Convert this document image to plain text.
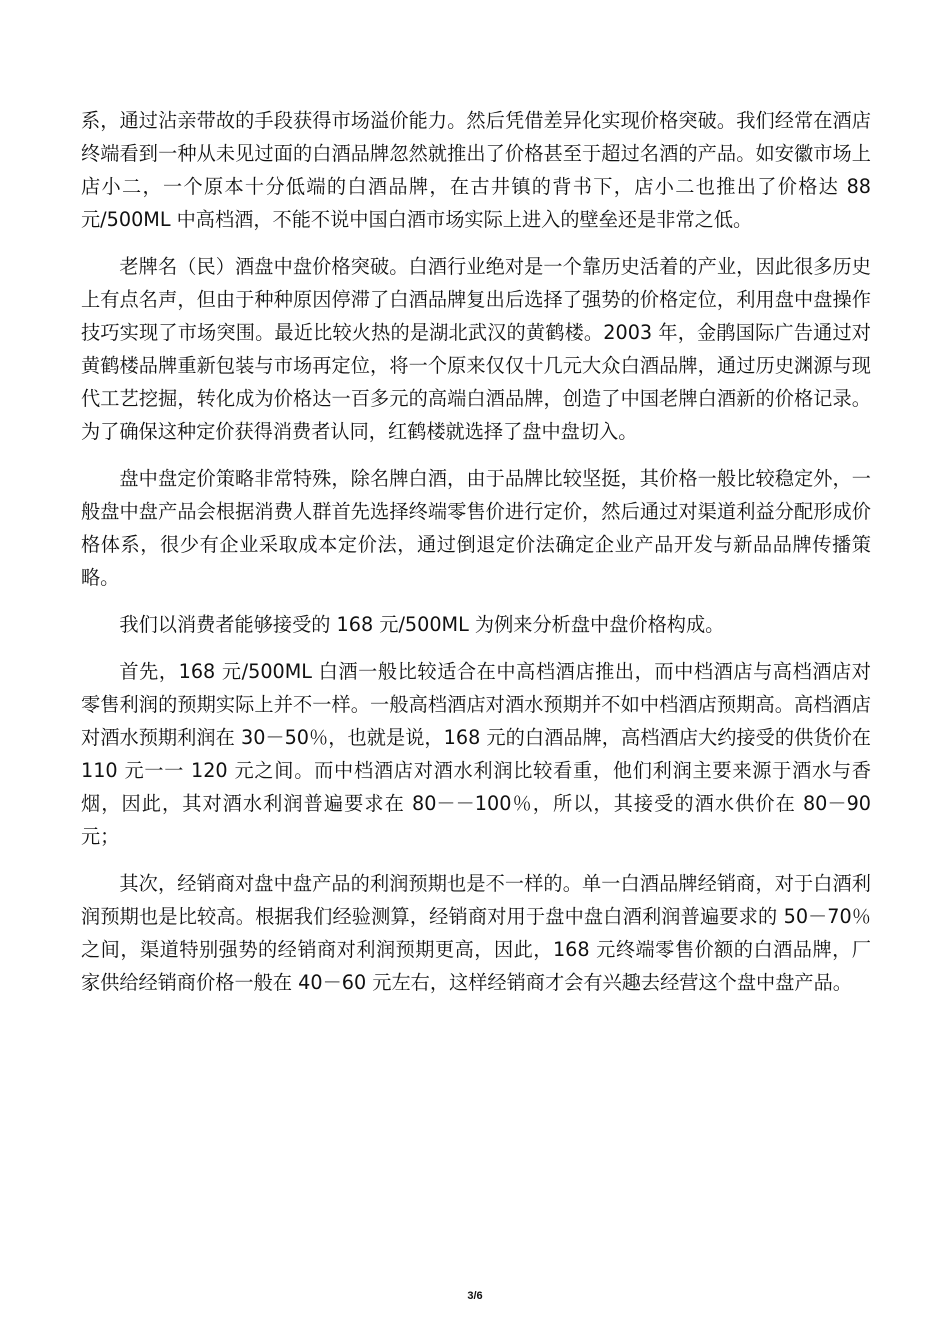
系，通过沾亲带故的手段获得市场溢价能力。然后凭借差异化实现价格突破。我们经常在酒店终端看到一种从未见过面的白酒品牌忽然就推出了价格甚至于超过名酒的产品。如安徽市场上店小二，一个原本十分低端的白酒品牌，在古井镇的背书下，店小二也推出了价格达 88 元/500ML 中高档酒，不能不说中国白酒市场实际上进入的壁垒还是非常之低。

老牌名（民）酒盘中盘价格突破。白酒行业绝对是一个靠历史活着的产业，因此很多历史上有点名声，但由于种种原因停滞了白酒品牌复出后选择了强势的价格定位，利用盘中盘操作技巧实现了市场突围。最近比较火热的是湖北武汉的黄鹤楼。2003 年，金鹃国际广告通过对黄鹤楼品牌重新包装与市场再定位，将一个原来仅仅十几元大众白酒品牌，通过历史渊源与现代工艺挖掘，转化成为价格达一百多元的高端白酒品牌，创造了中国老牌白酒新的价格记录。为了确保这种定价获得消费者认同，红鹤楼就选择了盘中盘切入。

盘中盘定价策略非常特殊，除名牌白酒，由于品牌比较坚挺，其价格一般比较稳定外，一般盘中盘产品会根据消费人群首先选择终端零售价进行定价，然后通过对渠道利益分配形成价格体系，很少有企业采取成本定价法，通过倒退定价法确定企业产品开发与新品品牌传播策略。

我们以消费者能够接受的 168 元/500ML 为例来分析盘中盘价格构成。

首先，168 元/500ML 白酒一般比较适合在中高档酒店推出，而中档酒店与高档酒店对零售利润的预期实际上并不一样。一般高档酒店对酒水预期并不如中档酒店预期高。高档酒店对酒水预期利润在 30－50％，也就是说，168 元的白酒品牌，高档酒店大约接受的供货价在 110 元一一 120 元之间。而中档酒店对酒水利润比较看重，他们利润主要来源于酒水与香烟，因此，其对酒水利润普遍要求在 80－－100％，所以，其接受的酒水供价在 80－90 元；

其次，经销商对盘中盘产品的利润预期也是不一样的。单一白酒品牌经销商，对于白酒利润预期也是比较高。根据我们经验测算，经销商对用于盘中盘白酒利润普遍要求的 50－70％之间，渠道特别强势的经销商对利润预期更高，因此，168 元终端零售价额的白酒品牌，厂家供给经销商价格一般在 40－60 元左右，这样经销商才会有兴趣去经营这个盘中盘产品。

3/6
